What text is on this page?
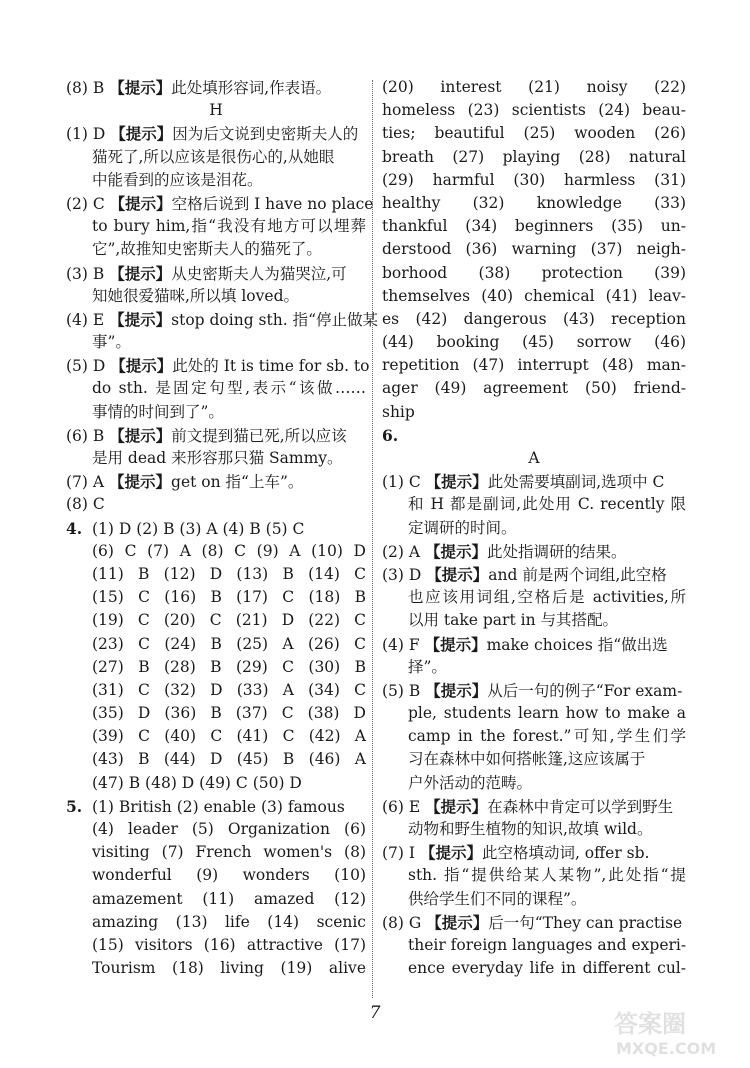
(8) B 【提示】此处填形容词,作表语。
H
(1) D 【提示】因为后文说到史密斯夫人的
猫死了,所以应该是很伤心的,从她眼
中能看到的应该是泪花。
(2) C 【提示】空格后说到 I have no place
to bury him,指“我没有地方可以埋葬
它”,故推知史密斯夫人的猫死了。
(3) B 【提示】从史密斯夫人为猫哭泣,可
知她很爱猫咪,所以填 loved。
(4) E 【提示】stop doing sth. 指“停止做某
事”。
(5) D 【提示】此处的 It is time for sb. to
do sth. 是固定句型,表示“该做……
事情的时间到了”。
(6) B 【提示】前文提到猫已死,所以应该
是用 dead 来形容那只猫 Sammy。
(7) A 【提示】get on 指“上车”。
(8) C
4. (1) D (2) B (3) A (4) B (5) C
(6) C (7) A (8) C (9) A (10) D
(11) B (12) D (13) B (14) C
(15) C (16) B (17) C (18) B
(19) C (20) C (21) D (22) C
(23) C (24) B (25) A (26) C
(27) B (28) B (29) C (30) B
(31) C (32) D (33) A (34) C
(35) D (36) B (37) C (38) D
(39) C (40) C (41) C (42) A
(43) B (44) D (45) B (46) A
(47) B (48) D (49) C (50) D
5. (1) British (2) enable (3) famous
(4) leader (5) Organization (6)
visiting (7) French women's (8)
wonderful (9) wonders (10)
amazement (11) amazed (12)
amazing (13) life (14) scenic
(15) visitors (16) attractive (17)
Tourism (18) living (19) alive
(20) interest (21) noisy (22)
homeless (23) scientists (24) beau-
ties; beautiful (25) wooden (26)
breath (27) playing (28) natural
(29) harmful (30) harmless (31)
healthy (32) knowledge (33)
thankful (34) beginners (35) un-
derstood (36) warning (37) neigh-
borhood (38) protection (39)
themselves (40) chemical (41) leav-
es (42) dangerous (43) reception
(44) booking (45) sorrow (46)
repetition (47) interrupt (48) man-
ager (49) agreement (50) friend-
ship
6.
A
(1) C 【提示】此处需要填副词,选项中 C
和 H 都是副词,此处用 C. recently 限
定调研的时间。
(2) A 【提示】此处指调研的结果。
(3) D 【提示】and 前是两个词组,此空格
也应该用词组,空格后是 activities,所
以用 take part in 与其搭配。
(4) F 【提示】make choices 指“做出选
择”。
(5) B 【提示】从后一句的例子“For exam-
ple, students learn how to make a
camp in the forest.”可知,学生们学
习在森林中如何搭帐篷,这应该属于
户外活动的范畴。
(6) E 【提示】在森林中肯定可以学到野生
动物和野生植物的知识,故填 wild。
(7) I 【提示】此空格填动词, offer sb.
sth. 指“提供给某人某物”,此处指“提
供给学生们不同的课程”。
(8) G 【提示】后一句“They can practise
their foreign languages and experi-
ence everyday life in different cul-
7	答案圈
MXQE.COM
